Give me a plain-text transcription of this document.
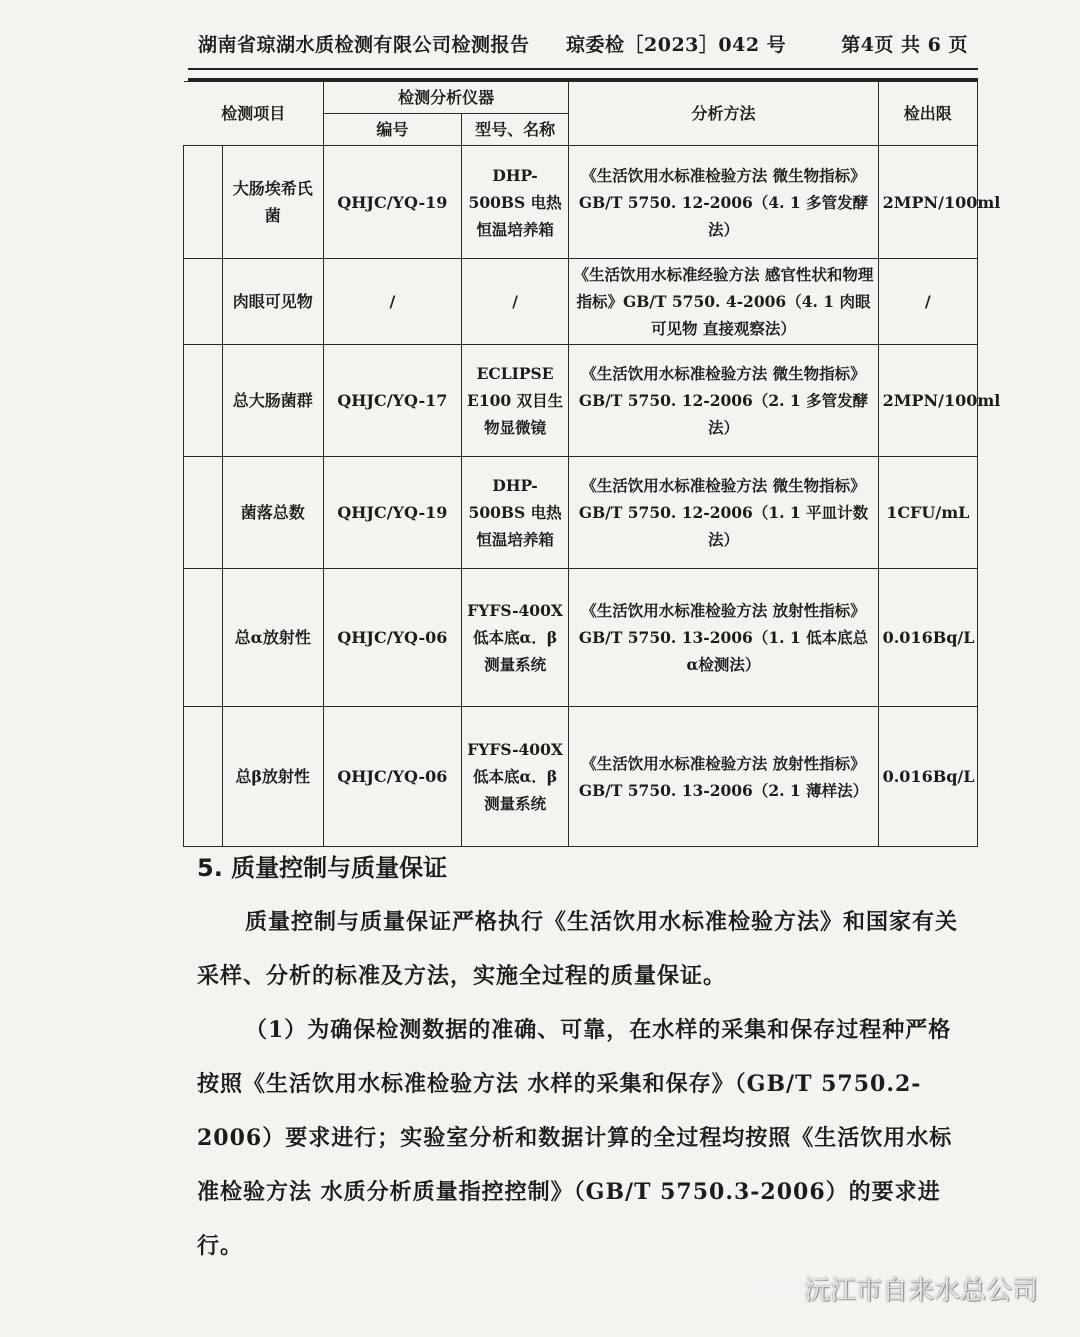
湖南省琼湖水质检测有限公司检测报告 琼委检［2023］042 号	第4页 共 6 页
检测项目		检测分析仪器		分析方法	检出限
		编号	型号、名称		
	大肠埃希氏菌	QHJC/YQ-19	DHP-500BS 电热恒温培养箱	《生活饮用水标准检验方法 微生物指标》GB/T 5750. 12-2006（4. 1 多管发酵法）	2MPN/100ml
	肉眼可见物	/	/	《生活饮用水标准经验方法 感官性状和物理指标》GB/T 5750. 4-2006（4. 1 肉眼可见物 直接观察法）	/
	总大肠菌群	QHJC/YQ-17	ECLIPSE E100 双目生物显微镜	《生活饮用水标准检验方法 微生物指标》GB/T 5750. 12-2006（2. 1 多管发酵法）	2MPN/100ml
	菌落总数	QHJC/YQ-19	DHP-500BS 电热恒温培养箱	《生活饮用水标准检验方法 微生物指标》GB/T 5750. 12-2006（1. 1 平皿计数法）	1CFU/mL
	总α放射性	QHJC/YQ-06	FYFS-400X 低本底α．β测量系统	《生活饮用水标准检验方法 放射性指标》GB/T 5750. 13-2006（1. 1 低本底总α检测法）	0.016Bq/L
	总β放射性	QHJC/YQ-06	FYFS-400X 低本底α．β测量系统	《生活饮用水标准检验方法 放射性指标》GB/T 5750. 13-2006（2. 1 薄样法）	0.016Bq/L
5. 质量控制与质量保证
质量控制与质量保证严格执行《生活饮用水标准检验方法》和国家有关采样、分析的标准及方法，实施全过程的质量保证。
（1）为确保检测数据的准确、可靠，在水样的采集和保存过程种严格按照《生活饮用水标准检验方法 水样的采集和保存》（GB/T 5750.2-2006）要求进行；实验室分析和数据计算的全过程均按照《生活饮用水标准检验方法 水质分析质量指控控制》（GB/T 5750.3-2006）的要求进行。
沅江市自来水总公司
